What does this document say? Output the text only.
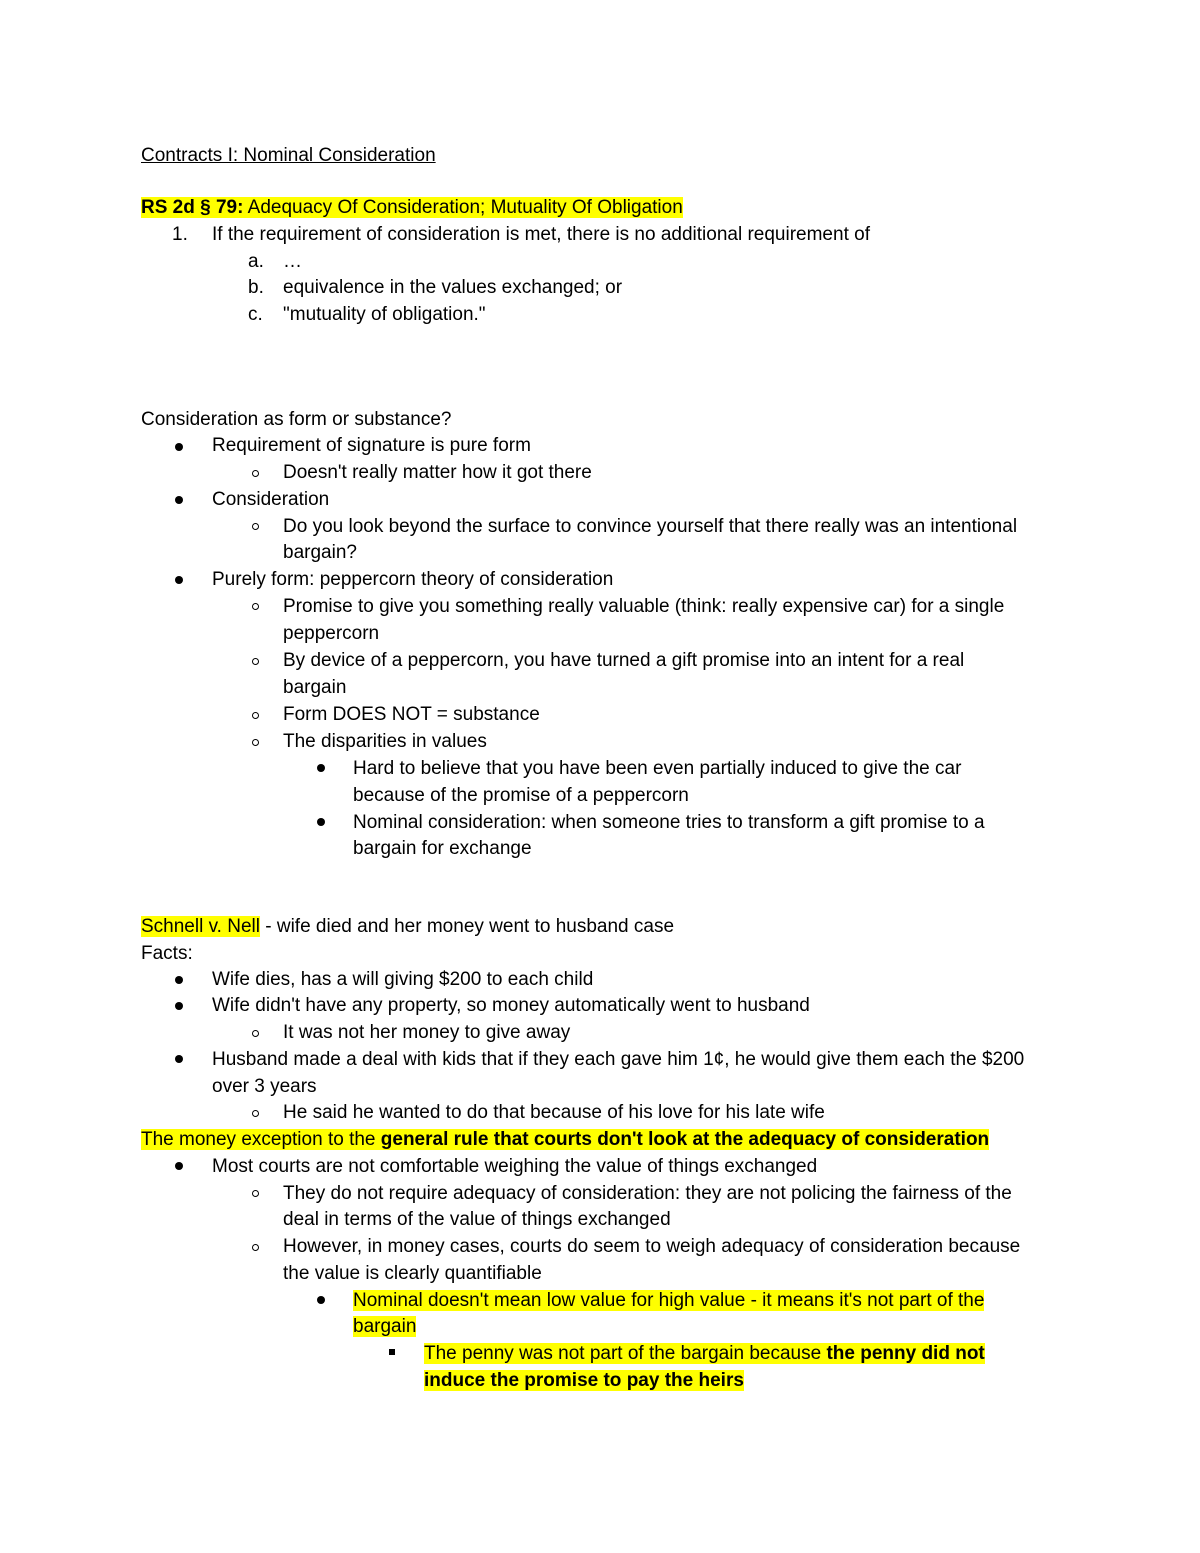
Contracts I: Nominal Consideration
RS 2d § 79: Adequacy Of Consideration; Mutuality Of Obligation
1. If the requirement of consideration is met, there is no additional requirement of
a. …
b. equivalence in the values exchanged; or
c. "mutuality of obligation."
Consideration as form or substance?
Requirement of signature is pure form
Doesn't really matter how it got there
Consideration
Do you look beyond the surface to convince yourself that there really was an intentional
bargain?
Purely form: peppercorn theory of consideration
Promise to give you something really valuable (think: really expensive car) for a single
peppercorn
By device of a peppercorn, you have turned a gift promise into an intent for a real
bargain
Form DOES NOT = substance
The disparities in values
Hard to believe that you have been even partially induced to give the car
because of the promise of a peppercorn
Nominal consideration: when someone tries to transform a gift promise to a
bargain for exchange
Schnell v. Nell - wife died and her money went to husband case
Facts:
Wife dies, has a will giving $200 to each child
Wife didn't have any property, so money automatically went to husband
It was not her money to give away
Husband made a deal with kids that if they each gave him 1¢, he would give them each the $200
over 3 years
He said he wanted to do that because of his love for his late wife
The money exception to the general rule that courts don't look at the adequacy of consideration
Most courts are not comfortable weighing the value of things exchanged
They do not require adequacy of consideration: they are not policing the fairness of the
deal in terms of the value of things exchanged
However, in money cases, courts do seem to weigh adequacy of consideration because
the value is clearly quantifiable
Nominal doesn't mean low value for high value - it means it's not part of the
bargain
The penny was not part of the bargain because the penny did not
induce the promise to pay the heirs
